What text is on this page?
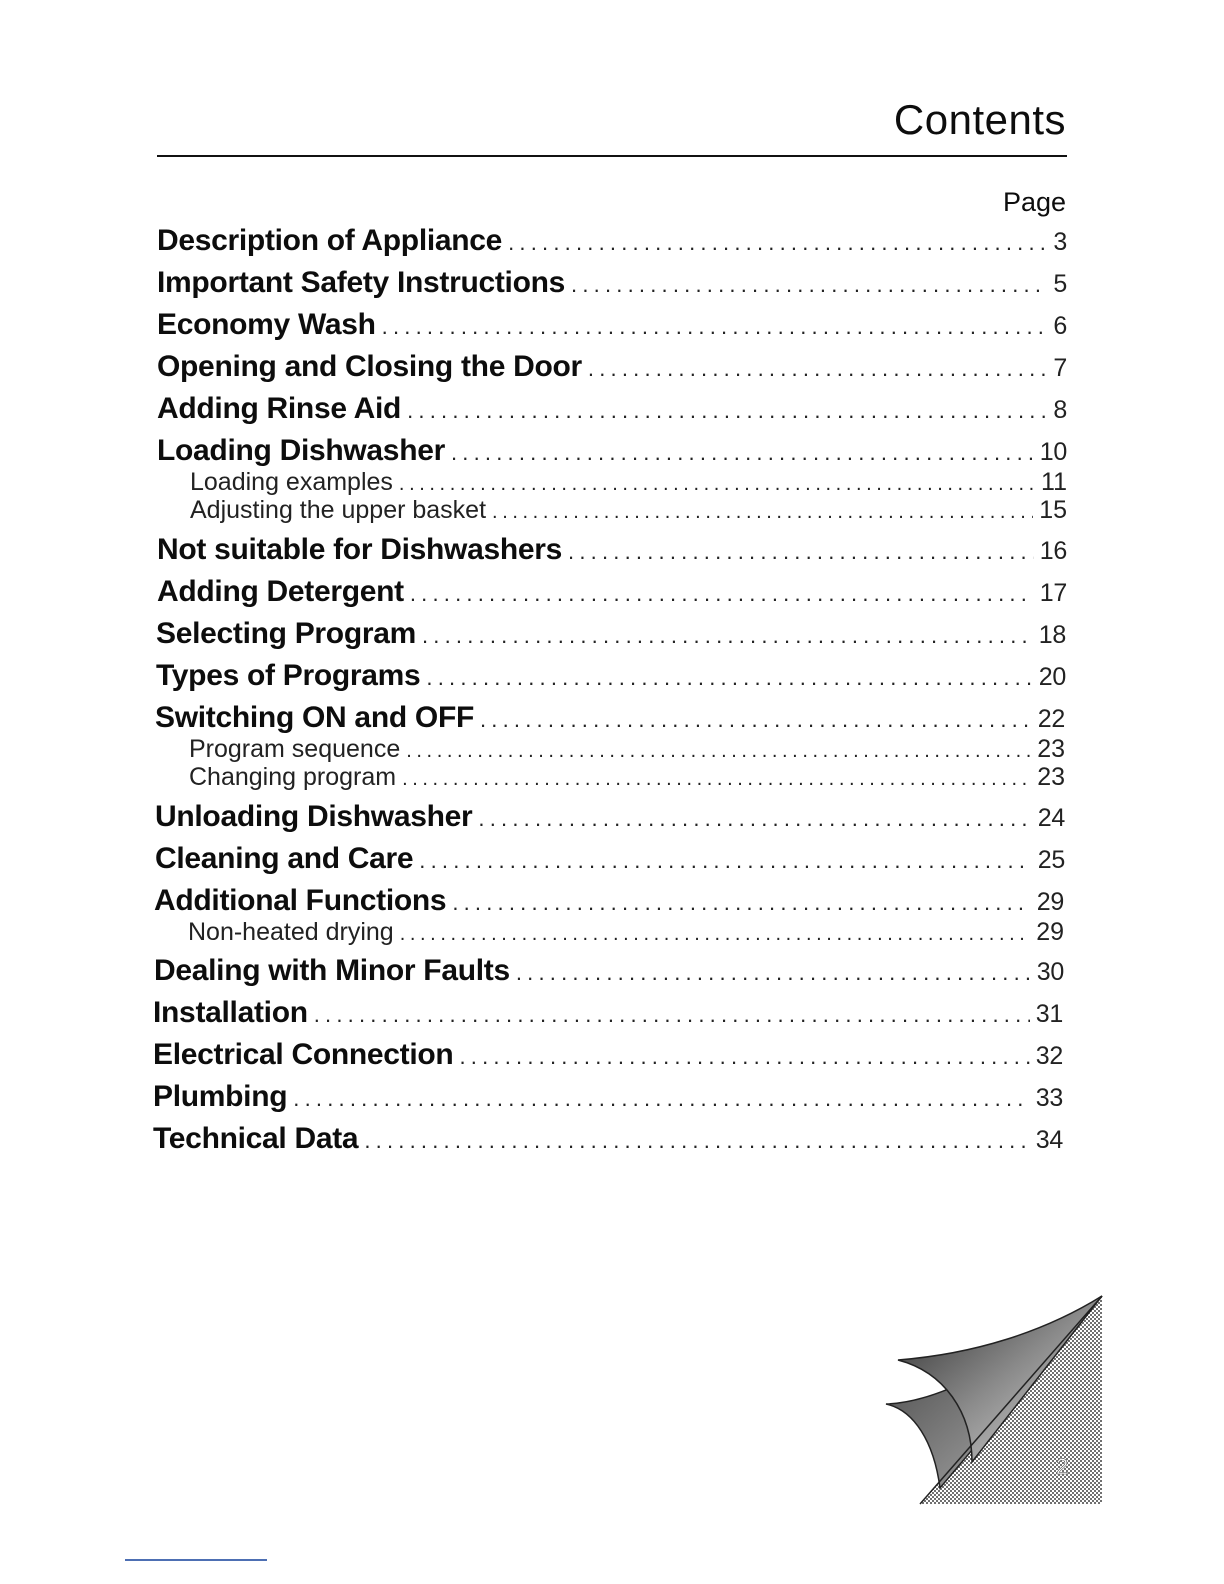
Contents
Page
Description of Appliance .....	3
Important Safety Instructions .....	5
Economy Wash .....	6
Opening and Closing the Door .....	7
Adding Rinse Aid .....	8
Loading Dishwasher .....	10
Loading examples .....	11
Adjusting the upper basket .....	15
Not suitable for Dishwashers .....	16
Adding Detergent .....	17
Selecting Program .....	18
Types of Programs .....	20
Switching ON and OFF .....	22
Program sequence .....	23
Changing program .....	23
Unloading Dishwasher .....	24
Cleaning and Care .....	25
Additional Functions .....	29
Non-heated drying .....	29
Dealing with Minor Faults .....	30
Installation .....	31
Electrical Connection .....	32
Plumbing .....	33
Technical Data .....	34
2
